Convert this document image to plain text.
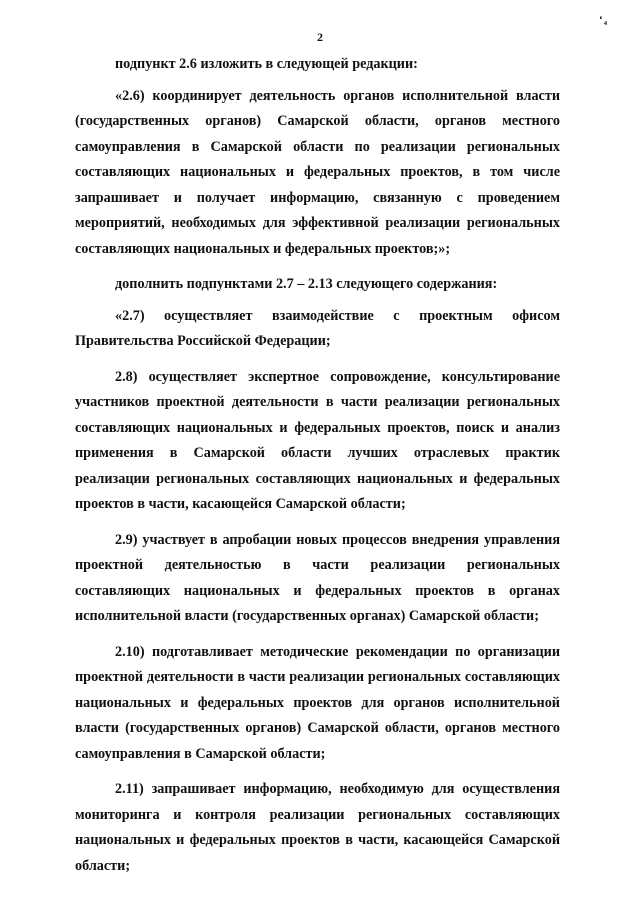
ʻ₄
2

подпункт 2.6 изложить в следующей редакции:

«2.6) координирует деятельность органов исполнительной власти (государственных органов) Самарской области, органов местного самоуправления в Самарской области по реализации региональных составляющих национальных и федеральных проектов, в том числе запрашивает и получает информацию, связанную с проведением мероприятий, необходимых для эффективной реализации региональных составляющих национальных и федеральных проектов;»;

дополнить подпунктами 2.7 – 2.13 следующего содержания:

«2.7) осуществляет взаимодействие с проектным офисом Правительства Российской Федерации;

2.8) осуществляет экспертное сопровождение, консультирование участников проектной деятельности в части реализации региональных составляющих национальных и федеральных проектов, поиск и анализ применения в Самарской области лучших отраслевых практик реализации региональных составляющих национальных и федеральных проектов в части, касающейся Самарской области;

2.9) участвует в апробации новых процессов внедрения управления проектной деятельностью в части реализации региональных составляющих национальных и федеральных проектов в органах исполнительной власти (государственных органах) Самарской области;

2.10) подготавливает методические рекомендации по организации проектной деятельности в части реализации региональных составляющих национальных и федеральных проектов для органов исполнительной власти (государственных органов) Самарской области, органов местного самоуправления в Самарской области;

2.11) запрашивает информацию, необходимую для осуществления мониторинга и контроля реализации региональных составляющих национальных и федеральных проектов в части, касающейся Самарской области;
